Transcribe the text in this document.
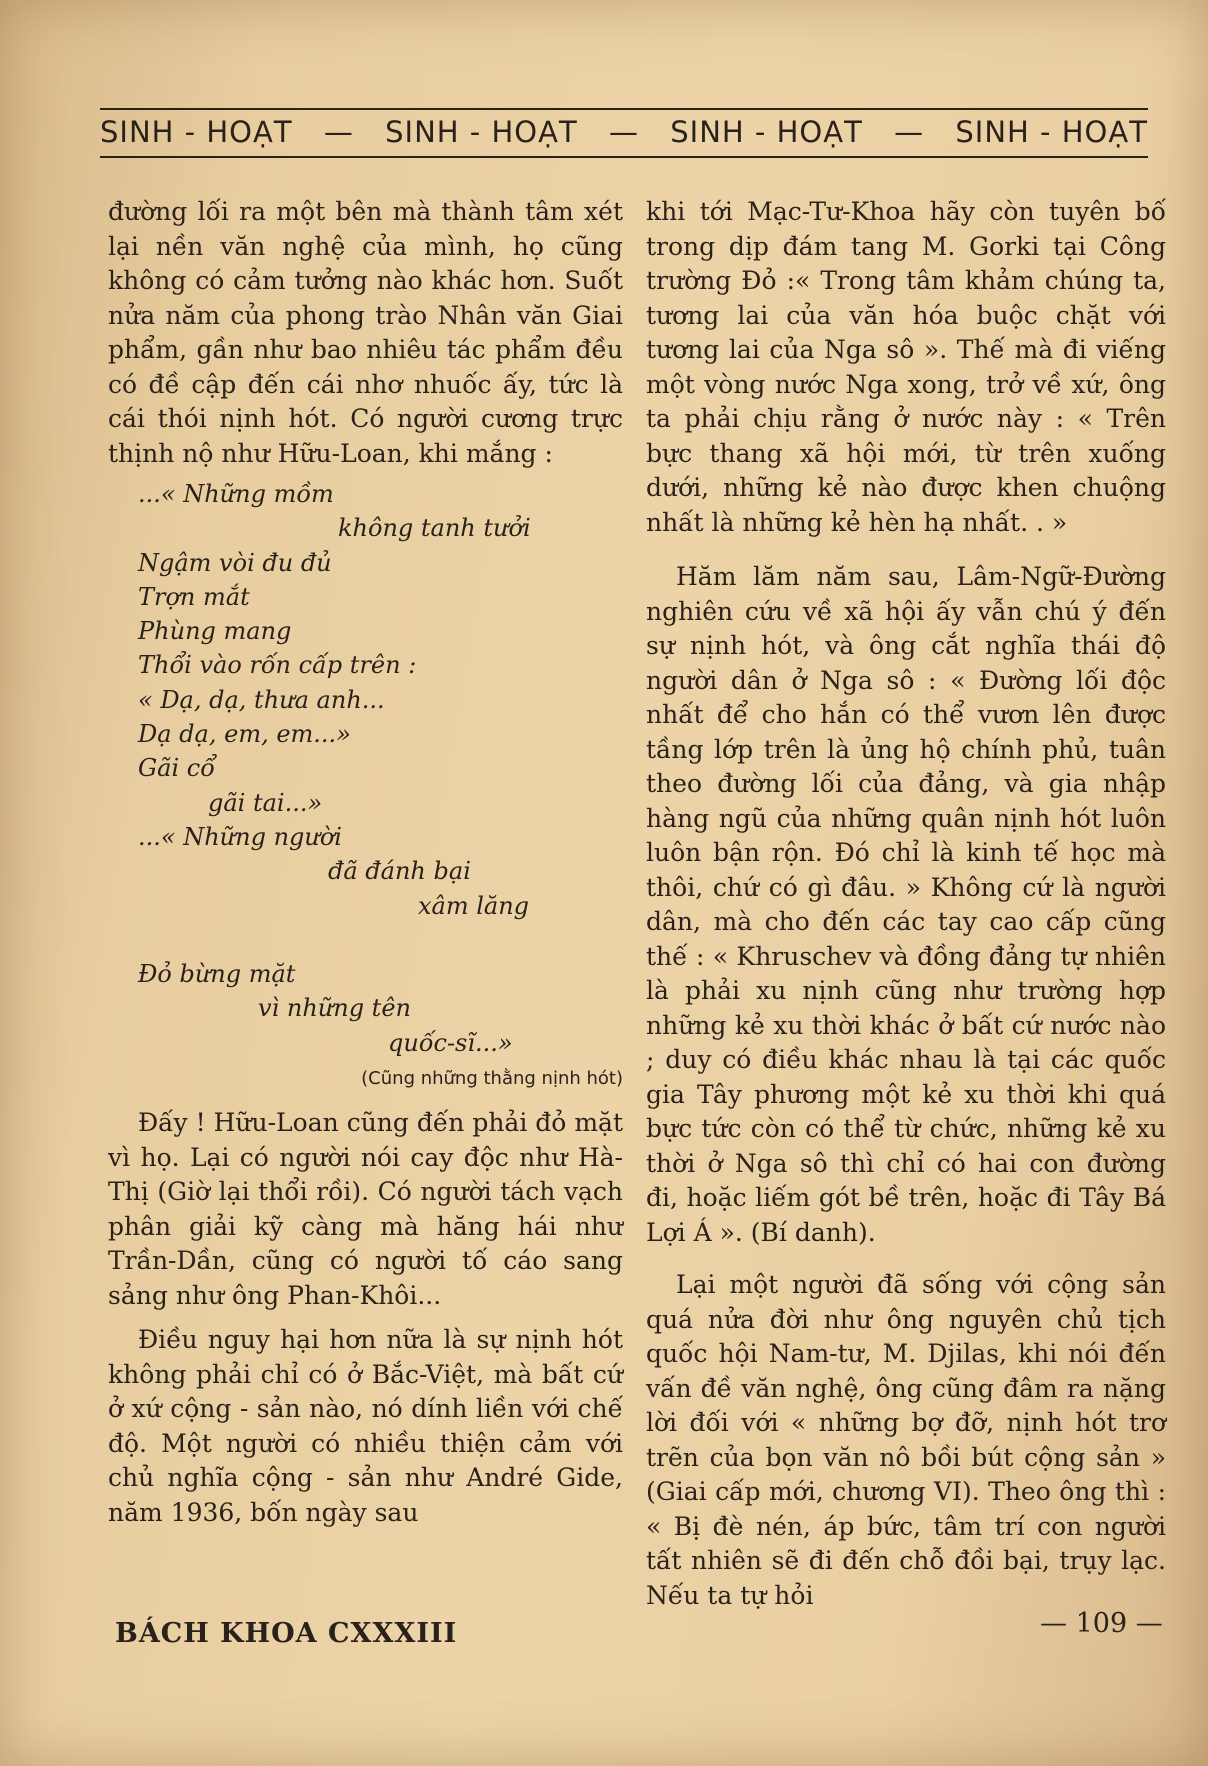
SINH - HOẠT — SINH - HOẠT — SINH - HOẠT — SINH - HOẠT

đường lối ra một bên mà thành tâm xét lại nền văn nghệ của mình, họ cũng không có cảm tưởng nào khác hơn. Suốt nửa năm của phong trào Nhân văn Giai phẩm, gần như bao nhiêu tác phẩm đều có đề cập đến cái nhơ nhuốc ấy, tức là cái thói nịnh hót. Có người cương trực thịnh nộ như Hữu-Loan, khi mắng :

...« Những mồm
không tanh tưởi
Ngậm vòi đu đủ
Trợn mắt
Phùng mang
Thổi vào rốn cấp trên :
« Dạ, dạ, thưa anh...
Dạ dạ, em, em...»
Gãi cổ
gãi tai...»
...« Những người
đã đánh bại
xâm lăng
Đỏ bừng mặt
vì những tên
quốc-sĩ...»
(Cũng những thằng nịnh hót)

Đấy ! Hữu-Loan cũng đến phải đỏ mặt vì họ. Lại có người nói cay độc như Hà-Thị (Giờ lại thổi rồi). Có người tách vạch phân giải kỹ càng mà hăng hái như Trần-Dần, cũng có người tố cáo sang sảng như ông Phan-Khôi...

Điều nguy hại hơn nữa là sự nịnh hót không phải chỉ có ở Bắc-Việt, mà bất cứ ở xứ cộng - sản nào, nó dính liền với chế độ. Một người có nhiều thiện cảm với chủ nghĩa cộng - sản như André Gide, năm 1936, bốn ngày sau

khi tới Mạc-Tư-Khoa hãy còn tuyên bố trong dịp đám tang M. Gorki tại Công trường Đỏ :« Trong tâm khảm chúng ta, tương lai của văn hóa buộc chặt với tương lai của Nga sô ». Thế mà đi viếng một vòng nước Nga xong, trở về xứ, ông ta phải chịu rằng ở nước này : « Trên bực thang xã hội mới, từ trên xuống dưới, những kẻ nào được khen chuộng nhất là những kẻ hèn hạ nhất. . »

Hăm lăm năm sau, Lâm-Ngữ-Đường nghiên cứu về xã hội ấy vẫn chú ý đến sự nịnh hót, và ông cắt nghĩa thái độ người dân ở Nga sô : « Đường lối độc nhất để cho hắn có thể vươn lên được tầng lớp trên là ủng hộ chính phủ, tuân theo đường lối của đảng, và gia nhập hàng ngũ của những quân nịnh hót luôn luôn bận rộn. Đó chỉ là kinh tế học mà thôi, chứ có gì đâu. » Không cứ là người dân, mà cho đến các tay cao cấp cũng thế : « Khruschev và đồng đảng tự nhiên là phải xu nịnh cũng như trường hợp những kẻ xu thời khác ở bất cứ nước nào ; duy có điều khác nhau là tại các quốc gia Tây phương một kẻ xu thời khi quá bực tức còn có thể từ chức, những kẻ xu thời ở Nga sô thì chỉ có hai con đường đi, hoặc liếm gót bề trên, hoặc đi Tây Bá Lợi Á ». (Bí danh).

Lại một người đã sống với cộng sản quá nửa đời như ông nguyên chủ tịch quốc hội Nam-tư, M. Djilas, khi nói đến vấn đề văn nghệ, ông cũng đâm ra nặng lời đối với « những bợ đỡ, nịnh hót trơ trẽn của bọn văn nô bồi bút cộng sản » (Giai cấp mới, chương VI). Theo ông thì : « Bị đè nén, áp bức, tâm trí con người tất nhiên sẽ đi đến chỗ đồi bại, trụy lạc. Nếu ta tự hỏi

BÁCH KHOA CXXXIII	— 109 —
